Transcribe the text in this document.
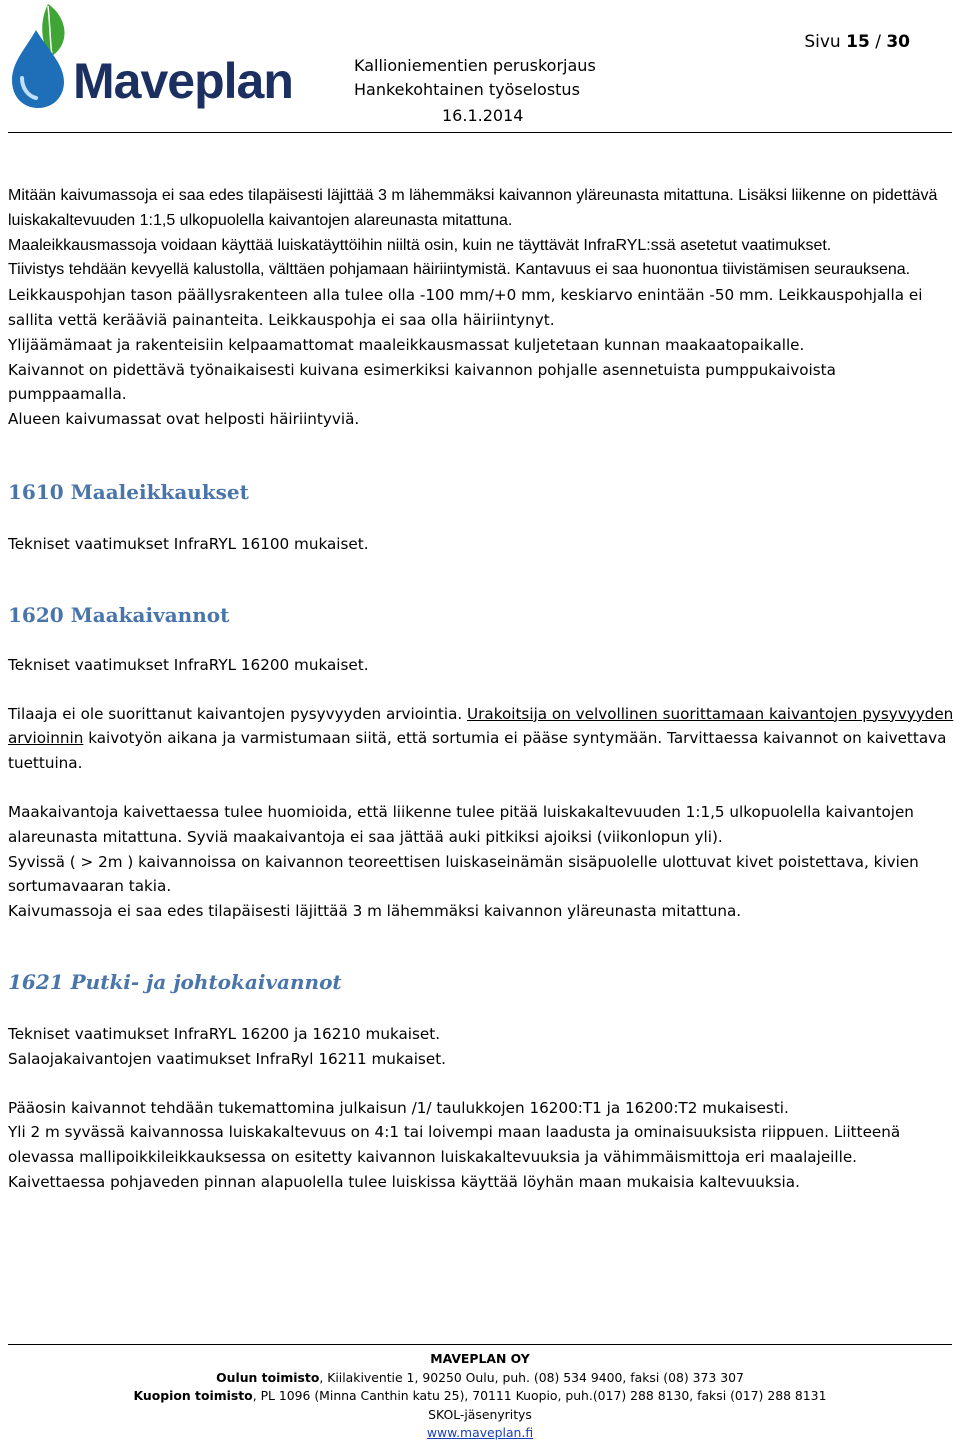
Maveplan	Kallioniementien peruskorjaus
Hankekohtainen työselostus
16.1.2014
Sivu 15 / 30

Mitään kaivumassoja ei saa edes tilapäisesti läjittää 3 m lähemmäksi kaivannon yläreunasta mitattuna. Lisäksi liikenne on pidettävä luiskakaltevuuden 1:1,5 ulkopuolella kaivantojen alareunasta mitattuna.

Maaleikkausmassoja voidaan käyttää luiskatäyttöihin niiltä osin, kuin ne täyttävät InfraRYL:ssä asetetut vaatimukset.

Tiivistys tehdään kevyellä kalustolla, välttäen pohjamaan häiriintymistä. Kantavuus ei saa huonontua tiivistämisen seurauksena.

Leikkauspohjan tason päällysrakenteen alla tulee olla -100 mm/+0 mm, keskiarvo enintään -50 mm. Leikkauspohjalla ei sallita vettä kerääviä painanteita. Leikkauspohja ei saa olla häiriintynyt.

Ylijäämämaat ja rakenteisiin kelpaamattomat maaleikkausmassat kuljetetaan kunnan maakaatopaikalle.

Kaivannot on pidettävä työnaikaisesti kuivana esimerkiksi kaivannon pohjalle asennetuista pumppukaivoista pumppaamalla.

Alueen kaivumassat ovat helposti häiriintyviä.

1610 Maaleikkaukset

Tekniset vaatimukset InfraRYL 16100 mukaiset.

1620 Maakaivannot

Tekniset vaatimukset InfraRYL 16200 mukaiset.

Tilaaja ei ole suorittanut kaivantojen pysyvyyden arviointia. Urakoitsija on velvollinen suorittamaan kaivantojen pysyvyyden arvioinnin kaivotyön aikana ja varmistumaan siitä, että sortumia ei pääse syntymään. Tarvittaessa kaivannot on kaivettava tuettuina.

Maakaivantoja kaivettaessa tulee huomioida, että liikenne tulee pitää luiskakaltevuuden 1:1,5 ulkopuolella kaivantojen alareunasta mitattuna. Syviä maakaivantoja ei saa jättää auki pitkiksi ajoiksi (viikonlopun yli).

Syvissä ( > 2m ) kaivannoissa on kaivannon teoreettisen luiskaseinämän sisäpuolelle ulottuvat kivet poistettava, kivien sortumavaaran takia.

Kaivumassoja ei saa edes tilapäisesti läjittää 3 m lähemmäksi kaivannon yläreunasta mitattuna.

1621 Putki- ja johtokaivannot

Tekniset vaatimukset InfraRYL 16200 ja 16210 mukaiset.

Salaojakaivantojen vaatimukset InfraRyl 16211 mukaiset.

Pääosin kaivannot tehdään tukemattomina julkaisun /1/ taulukkojen 16200:T1 ja 16200:T2 mukaisesti.

Yli 2 m syvässä kaivannossa luiskakaltevuus on 4:1 tai loivempi maan laadusta ja ominaisuuksista riippuen. Liitteenä olevassa mallipoikkileikkauksessa on esitetty kaivannon luiskakaltevuuksia ja vähimmäismittoja eri maalajeille.

Kaivettaessa pohjaveden pinnan alapuolella tulee luiskissa käyttää löyhän maan mukaisia kaltevuuksia.

MAVEPLAN OY
Oulun toimisto, Kiilakiventie 1, 90250 Oulu, puh. (08) 534 9400, faksi (08) 373 307
Kuopion toimisto, PL 1096 (Minna Canthin katu 25), 70111 Kuopio, puh.(017) 288 8130, faksi (017) 288 8131
SKOL-jäsenyritys
www.maveplan.fi
